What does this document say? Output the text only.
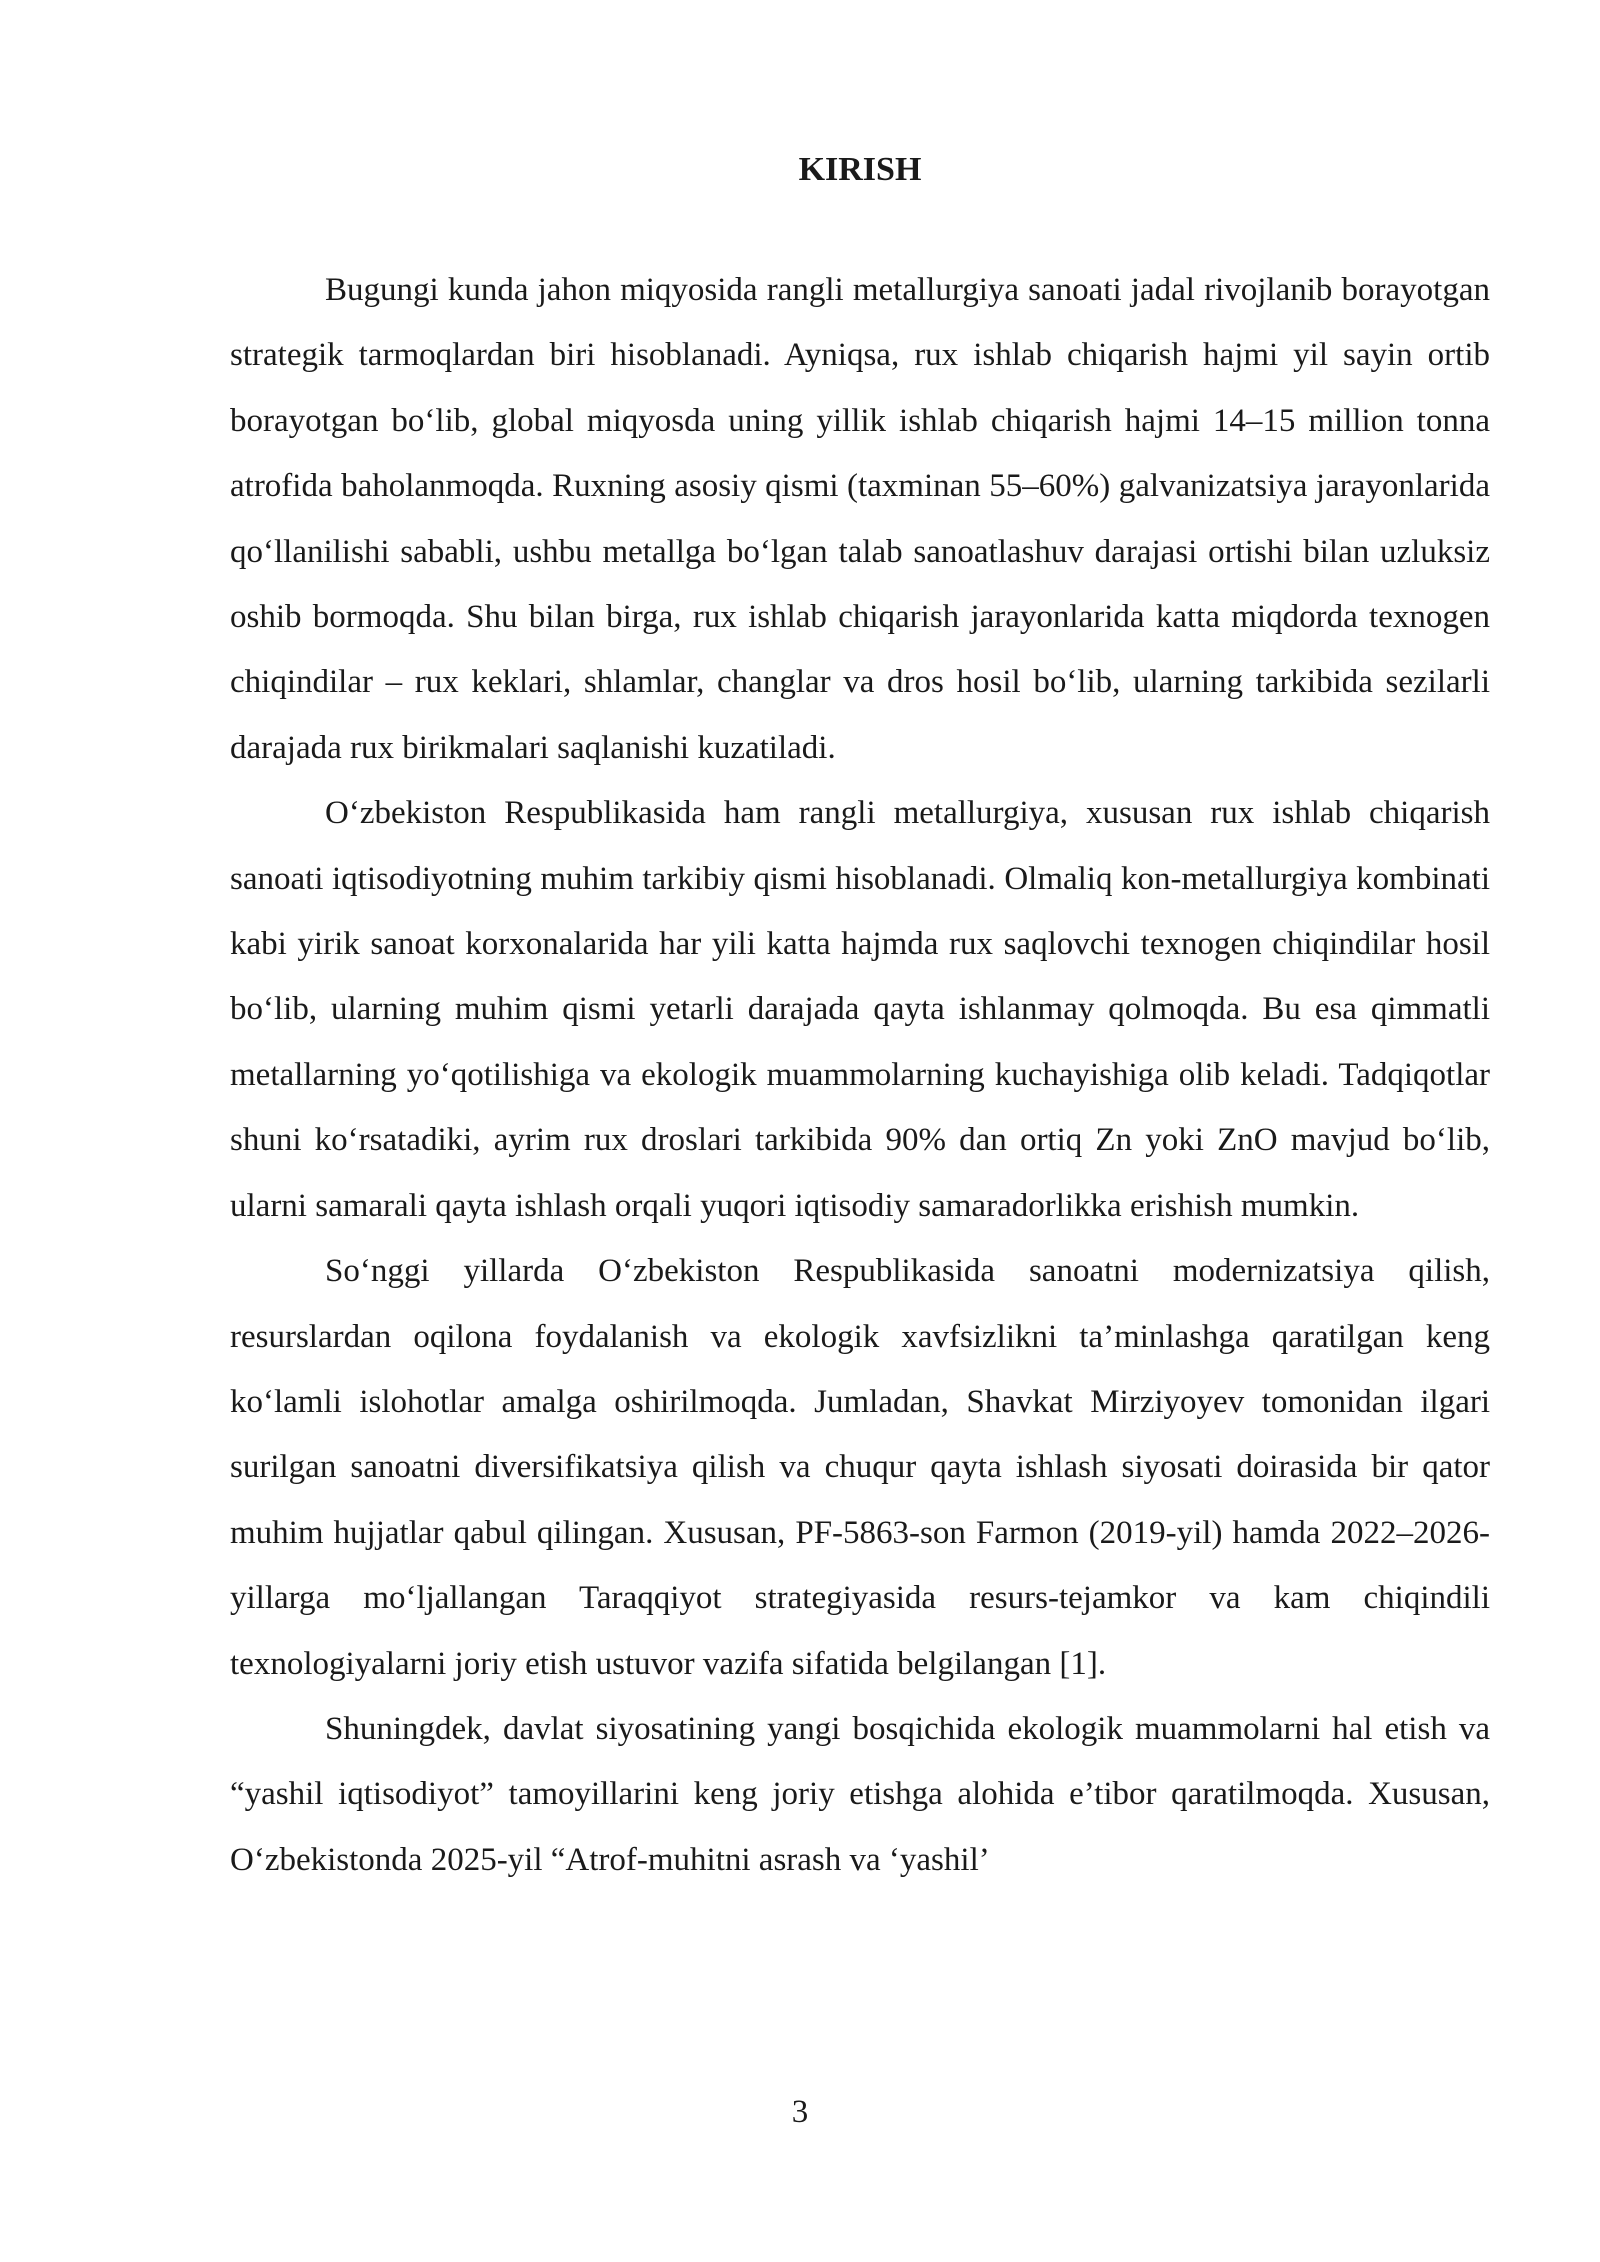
KIRISH

Bugungi kunda jahon miqyosida rangli metallurgiya sanoati jadal rivojlanib borayotgan strategik tarmoqlardan biri hisoblanadi. Ayniqsa, rux ishlab chiqarish hajmi yil sayin ortib borayotgan bo‘lib, global miqyosda uning yillik ishlab chiqarish hajmi 14–15 million tonna atrofida baholanmoqda. Ruxning asosiy qismi (taxminan 55–60%) galvanizatsiya jarayonlarida qo‘llanilishi sababli, ushbu metallga bo‘lgan talab sanoatlashuv darajasi ortishi bilan uzluksiz oshib bormoqda. Shu bilan birga, rux ishlab chiqarish jarayonlarida katta miqdorda texnogen chiqindilar – rux keklari, shlamlar, changlar va dros hosil bo‘lib, ularning tarkibida sezilarli darajada rux birikmalari saqlanishi kuzatiladi.

O‘zbekiston Respublikasida ham rangli metallurgiya, xususan rux ishlab chiqarish sanoati iqtisodiyotning muhim tarkibiy qismi hisoblanadi. Olmaliq kon-metallurgiya kombinati kabi yirik sanoat korxonalarida har yili katta hajmda rux saqlovchi texnogen chiqindilar hosil bo‘lib, ularning muhim qismi yetarli darajada qayta ishlanmay qolmoqda. Bu esa qimmatli metallarning yo‘qotilishiga va ekologik muammolarning kuchayishiga olib keladi. Tadqiqotlar shuni ko‘rsatadiki, ayrim rux droslari tarkibida 90% dan ortiq Zn yoki ZnO mavjud bo‘lib, ularni samarali qayta ishlash orqali yuqori iqtisodiy samaradorlikka erishish mumkin.

So‘nggi yillarda O‘zbekiston Respublikasida sanoatni modernizatsiya qilish, resurslardan oqilona foydalanish va ekologik xavfsizlikni ta’minlashga qaratilgan keng ko‘lamli islohotlar amalga oshirilmoqda. Jumladan, Shavkat Mirziyoyev tomonidan ilgari surilgan sanoatni diversifikatsiya qilish va chuqur qayta ishlash siyosati doirasida bir qator muhim hujjatlar qabul qilingan. Xususan, PF-5863-son Farmon (2019-yil) hamda 2022–2026-yillarga mo‘ljallangan Taraqqiyot strategiyasida resurs-tejamkor va kam chiqindili texnologiyalarni joriy etish ustuvor vazifa sifatida belgilangan [1].

Shuningdek, davlat siyosatining yangi bosqichida ekologik muammolarni hal etish va “yashil iqtisodiyot” tamoyillarini keng joriy etishga alohida e’tibor qaratilmoqda. Xususan, O‘zbekistonda 2025-yil “Atrof-muhitni asrash va ‘yashil’

3
